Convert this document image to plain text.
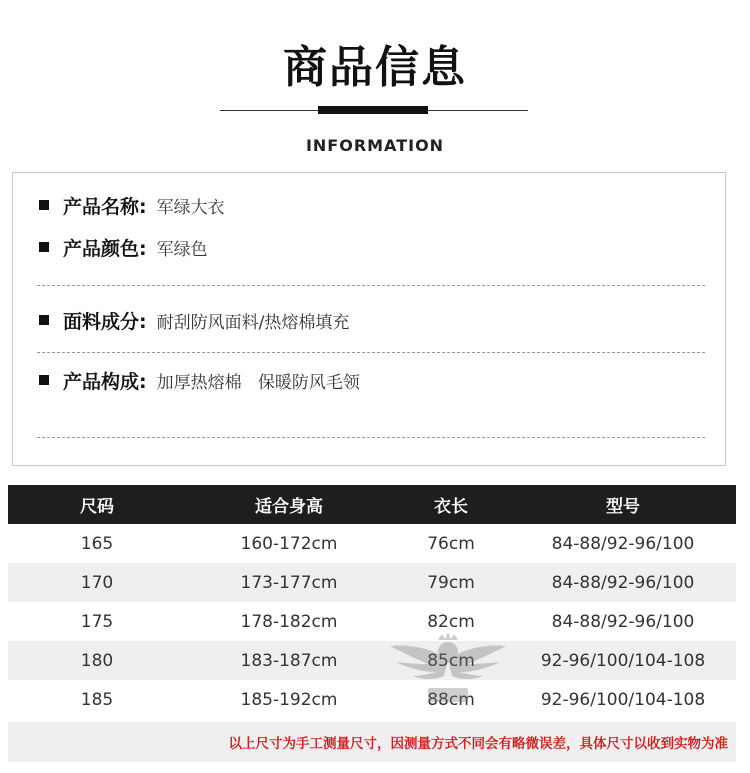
商品信息
INFORMATION
产品名称: 军绿大衣
产品颜色: 军绿色
面料成分: 耐刮防风面料/热熔棉填充
产品构成: 加厚热熔棉   保暖防风毛领
尺码	适合身高	衣长	型号
165	160-172cm	76cm	84-88/92-96/100
170	173-177cm	79cm	84-88/92-96/100
175	178-182cm	82cm	84-88/92-96/100
180	183-187cm	85cm	92-96/100/104-108
185	185-192cm	88cm	92-96/100/104-108
以上尺寸为手工测量尺寸，因测量方式不同会有略微误差，具体尺寸以收到实物为准
